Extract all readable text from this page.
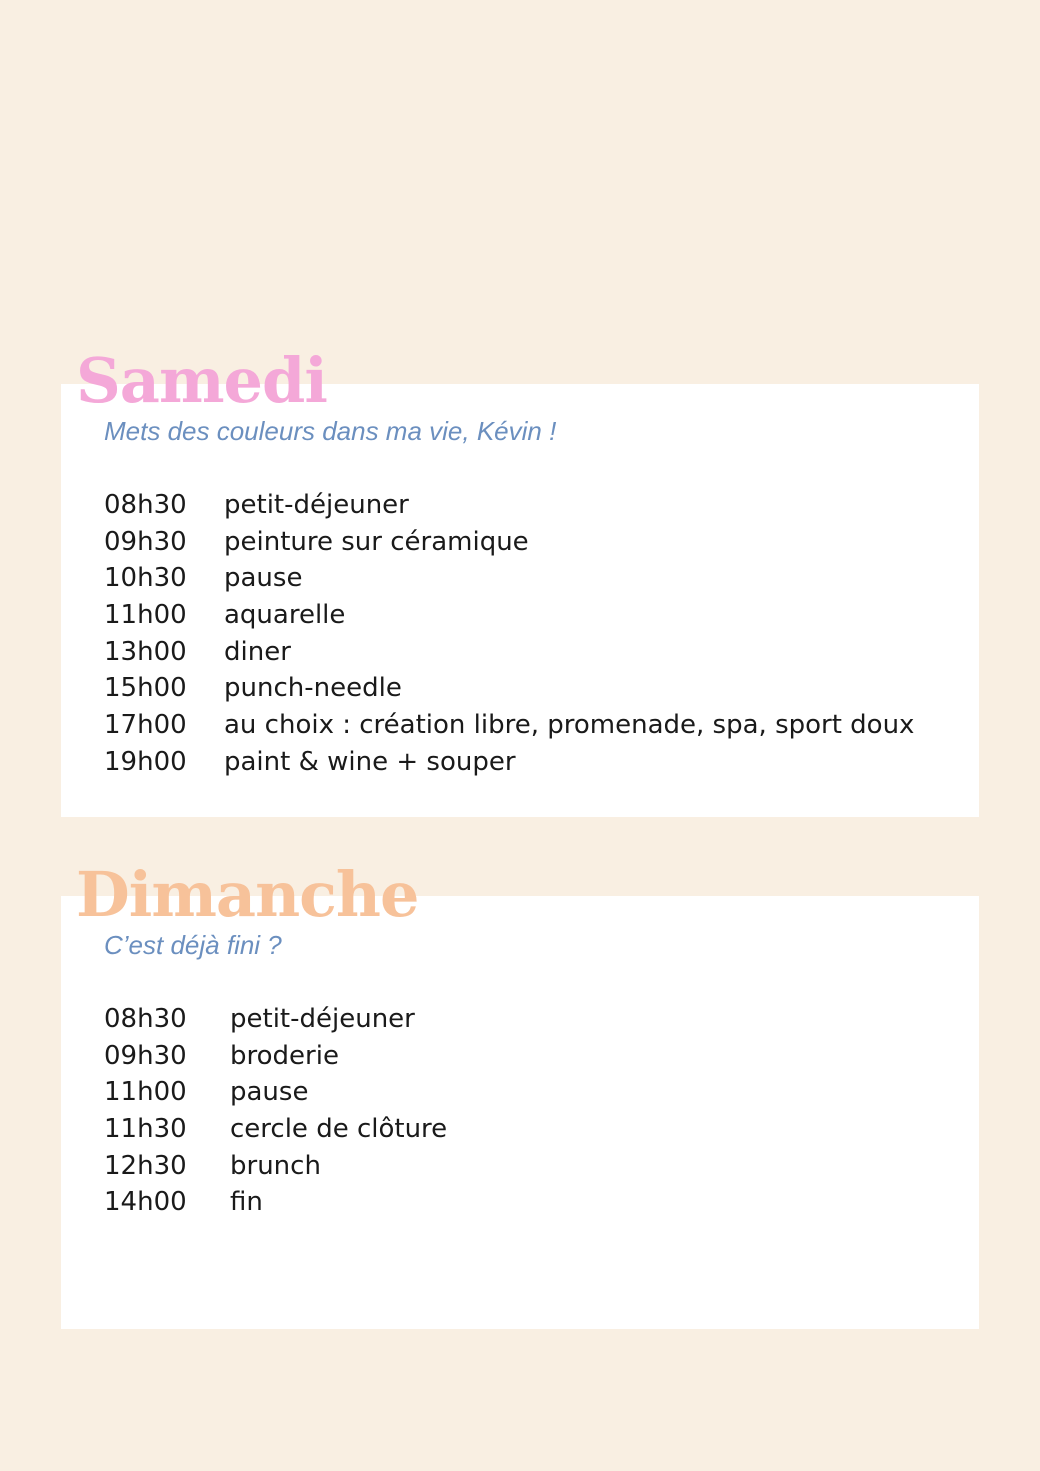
Samedi

Mets des couleurs dans ma vie, Kévin !

08h30	petit-déjeuner
09h30	peinture sur céramique
10h30	pause
11h00	aquarelle
13h00	diner
15h00	punch-needle
17h00	au choix : création libre, promenade, spa, sport doux
19h00	paint & wine + souper
Dimanche

C’est déjà fini ?

08h30	petit-déjeuner
09h30	broderie
11h00	pause
11h30	cercle de clôture
12h30	brunch
14h00	fin
